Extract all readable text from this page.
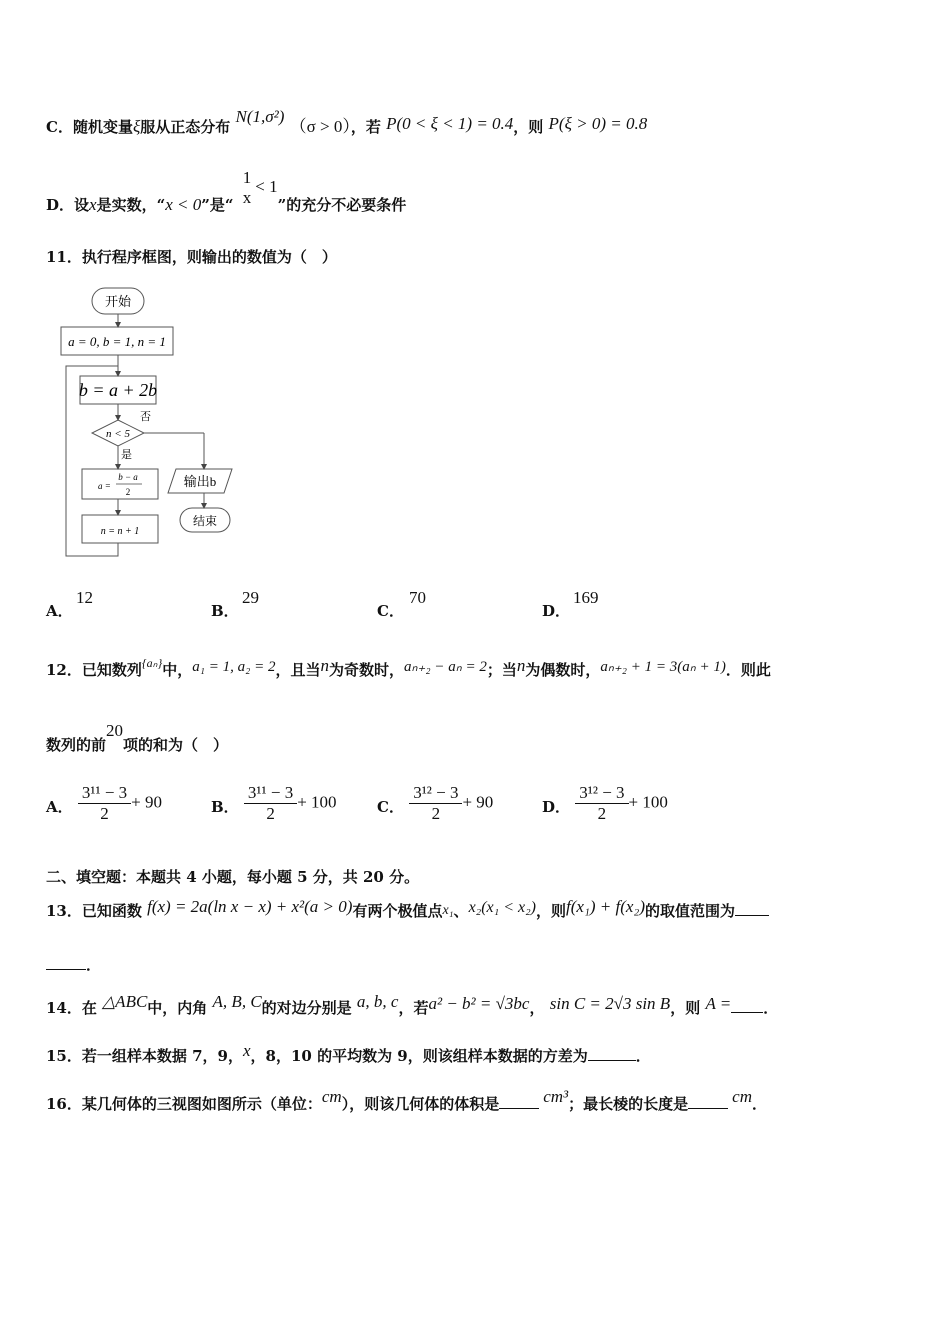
C．随机变量ξ服从正态分布 N(1,σ²) （σ > 0），若 P(0 < ξ < 1) = 0.4，则 P(ξ > 0) = 0.8
D．设x是实数，“x < 0”是“
1
x
< 1”的充分不必要条件
11．执行程序框图，则输出的数值为（　）
开始
a = 0, b = 1, n = 1
b = a + 2b
n < 5
否
是
a =
b − a
2
n = n + 1
输出b
结束
A．
12
B．
29
C．
70
D．
169
12．已知数列$^{\{a_n\}}$中，a₁ = 1, a₂ = 2，且当n为奇数时，aₙ₊₂ − aₙ = 2；当n为偶数时，aₙ₊₂ + 1 = 3(aₙ + 1)．则此
数列的前20项的和为（　）
A． $\frac{\text{3¹¹ − 3}}{2} + 90$	B． $\frac{\text{3¹¹ − 3}}{2} + 100$	C． $\frac{\text{3¹² − 3}}{2} + 90$	D． $\frac{\text{3¹² − 3}}{2} + 100$
二、填空题：本题共 4 小题，每小题 5 分，共 20 分。
13．已知函数 f(x) = 2a(ln x − x) + x²(a > 0)有两个极值点x₁、x₂(x₁ < x₂)，则f(x₁) + f(x₂)的取值范围为
．
14．在 △ABC中，内角 A, B, C的对边分别是 a, b, c，若a² − b² = √3bc， sin C = 2√3 sin B，则 A = ．
15．若一组样本数据 7，9，x，8，10 的平均数为 9，则该组样本数据的方差为	．
16．某几何体的三视图如图所示（单位：cm），则该几何体的体积是	cm³；最长棱的长度是	cm．
